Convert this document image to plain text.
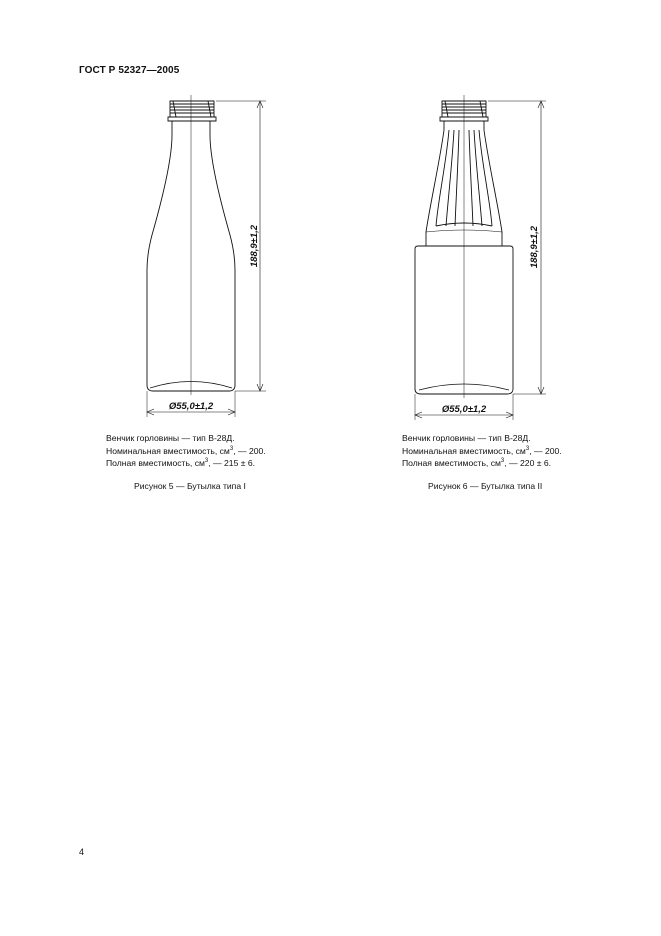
ГОСТ Р 52327—2005
188,9±1,2
Ø55,0±1,2
188,9±1,2
Ø55,0±1,2
Венчик горловины — тип В-28Д.
Номинальная вместимость, $см^3$, — 200.
Полная вместимость, $см^3$, — 215 ± 6.
Рисунок 5 — Бутылка типа I
Венчик горловины — тип В-28Д.
Номинальная вместимость, $см^3$, — 200.
Полная вместимость, $см^3$, — 220 ± 6.
Рисунок 6 — Бутылка типа II
4
